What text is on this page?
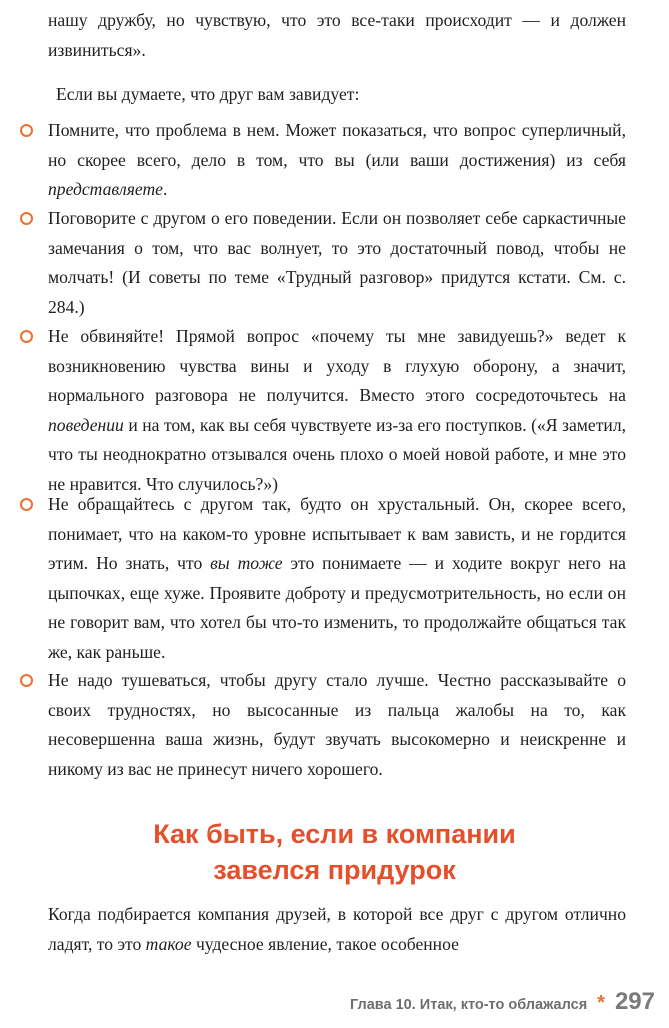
нашу дружбу, но чувствую, что это все-таки происходит — и должен извиниться».

Если вы думаете, что друг вам завидует:

Помните, что проблема в нем. Может показаться, что вопрос суперличный, но скорее всего, дело в том, что вы (или ваши достижения) из себя представляете.

Поговорите с другом о его поведении. Если он позволяет себе саркастичные замечания о том, что вас волнует, то это достаточный повод, чтобы не молчать! (И советы по теме «Трудный разговор» придутся кстати. См. с. 284.)

Не обвиняйте! Прямой вопрос «почему ты мне завидуешь?» ведет к возникновению чувства вины и уходу в глухую оборону, а значит, нормального разговора не получится. Вместо этого сосредоточьтесь на поведении и на том, как вы себя чувствуете из-за его поступков. («Я заметил, что ты неоднократно отзывался очень плохо о моей новой работе, и мне это не нравится. Что случилось?»)

Не обращайтесь с другом так, будто он хрустальный. Он, скорее всего, понимает, что на каком-то уровне испытывает к вам зависть, и не гордится этим. Но знать, что вы тоже это понимаете — и ходите вокруг него на цыпочках, еще хуже. Проявите доброту и предусмотрительность, но если он не говорит вам, что хотел бы что-то изменить, то продолжайте общаться так же, как раньше.

Не надо тушеваться, чтобы другу стало лучше. Честно рассказывайте о своих трудностях, но высосанные из пальца жалобы на то, как несовершенна ваша жизнь, будут звучать высокомерно и неискренне и никому из вас не принесут ничего хорошего.

Как быть, если в компании
завелся придурок

Когда подбирается компания друзей, в которой все друг с другом отлично ладят, то это такое чудесное явление, такое особенное

Глава 10. Итак, кто-то облажался * 297
